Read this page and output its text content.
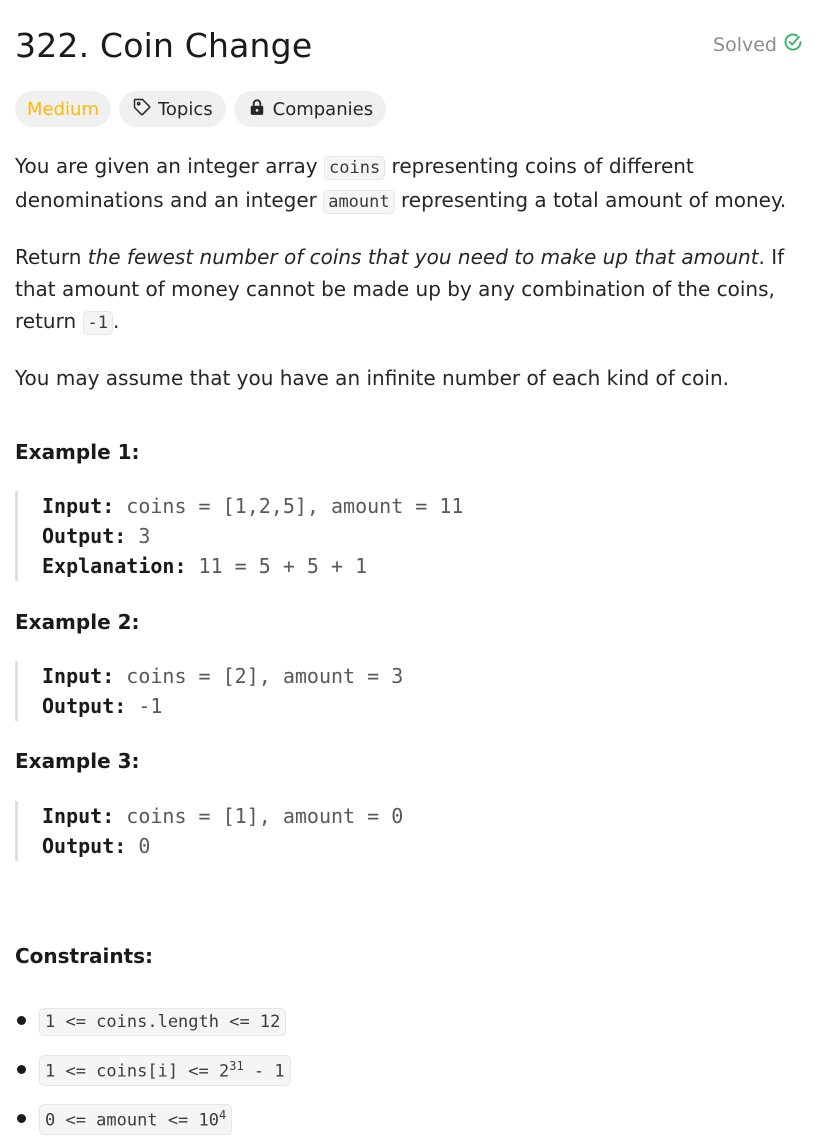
322. Coin Change	Solved
Medium	Topics	Companies

You are given an integer array coins representing coins of different denominations and an integer amount representing a total amount of money.

Return the fewest number of coins that you need to make up that amount. If that amount of money cannot be made up by any combination of the coins, return -1 .

You may assume that you have an infinite number of each kind of coin.

Example 1:

Input: coins = [1,2,5], amount = 11
Output: 3
Explanation: 11 = 5 + 5 + 1

Example 2:

Input: coins = [2], amount = 3
Output: -1

Example 3:

Input: coins = [1], amount = 0
Output: 0

Constraints:

1 <= coins.length <= 12
1 <= coins[i] <= $2^{31} - 1$
0 <= amount <= $10^4$
